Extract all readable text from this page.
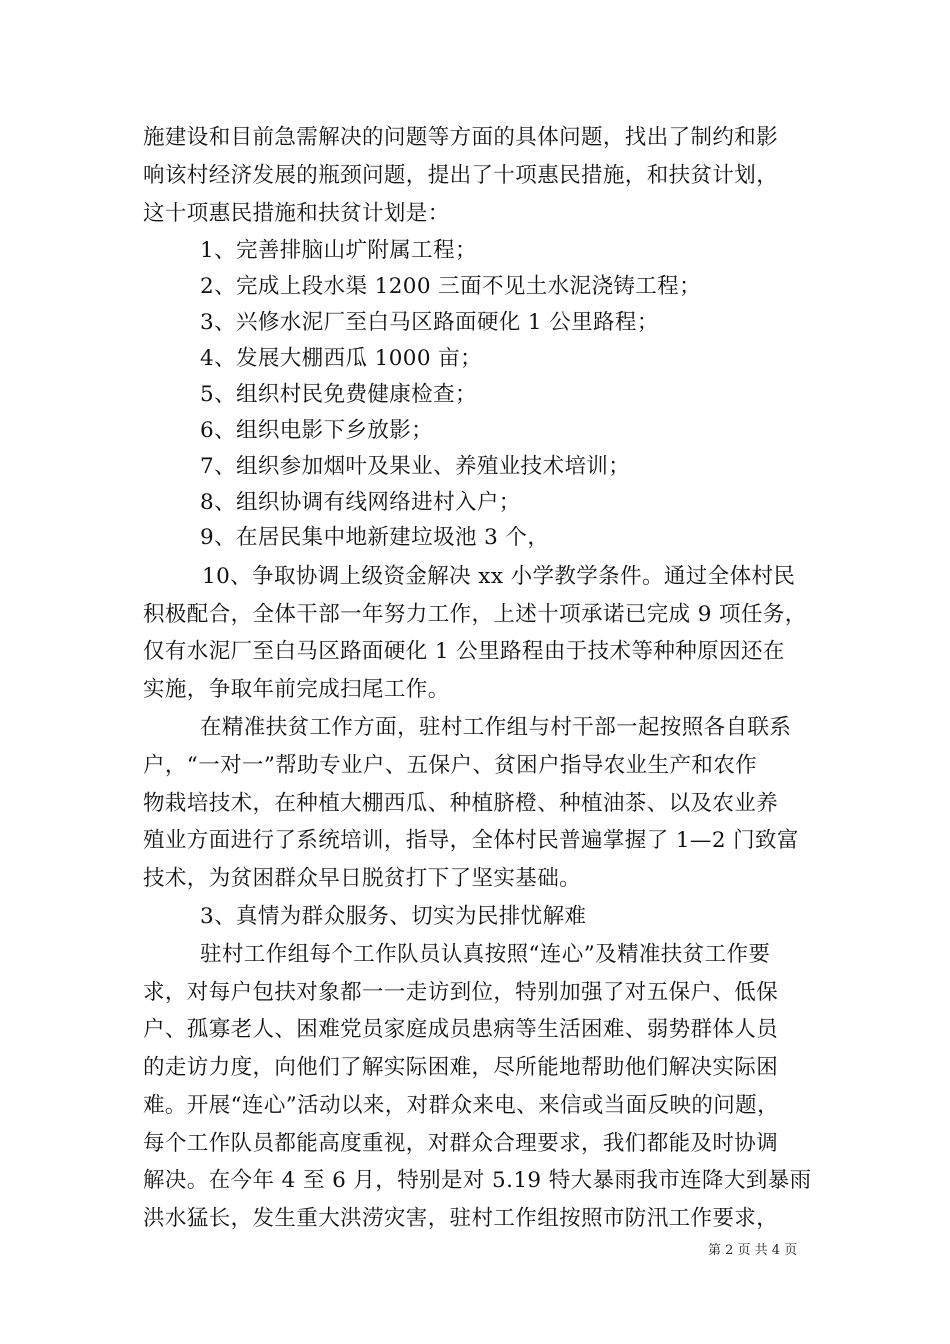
施建设和目前急需解决的问题等方面的具体问题，找出了制约和影
响该村经济发展的瓶颈问题，提出了十项惠民措施，和扶贫计划，
这十项惠民措施和扶贫计划是：
1、完善排脑山圹附属工程；
2、完成上段水渠 1200 三面不见土水泥浇铸工程；
3、兴修水泥厂至白马区路面硬化 1 公里路程；
4、发展大棚西瓜 1000 亩；
5、组织村民免费健康检查；
6、组织电影下乡放影；
7、组织参加烟叶及果业、养殖业技术培训；
8、组织协调有线网络进村入户；
9、在居民集中地新建垃圾池 3 个，
10、争取协调上级资金解决 xx 小学教学条件。通过全体村民
积极配合，全体干部一年努力工作，上述十项承诺已完成 9 项任务，
仅有水泥厂至白马区路面硬化 1 公里路程由于技术等种种原因还在
实施，争取年前完成扫尾工作。
在精准扶贫工作方面，驻村工作组与村干部一起按照各自联系
户，“一对一”帮助专业户、五保户、贫困户指导农业生产和农作
物栽培技术，在种植大棚西瓜、种植脐橙、种植油茶、以及农业养
殖业方面进行了系统培训，指导，全体村民普遍掌握了 1—2 门致富
技术，为贫困群众早日脱贫打下了坚实基础。
3、真情为群众服务、切实为民排忧解难
驻村工作组每个工作队员认真按照“连心”及精准扶贫工作要
求，对每户包扶对象都一一走访到位，特别加强了对五保户、低保
户、孤寡老人、困难党员家庭成员患病等生活困难、弱势群体人员
的走访力度，向他们了解实际困难，尽所能地帮助他们解决实际困
难。开展“连心”活动以来，对群众来电、来信或当面反映的问题，
每个工作队员都能高度重视，对群众合理要求，我们都能及时协调
解决。在今年 4 至 6 月，特别是对 5.19 特大暴雨我市连降大到暴雨
洪水猛长，发生重大洪涝灾害，驻村工作组按照市防汛工作要求，
第 2 页 共 4 页
